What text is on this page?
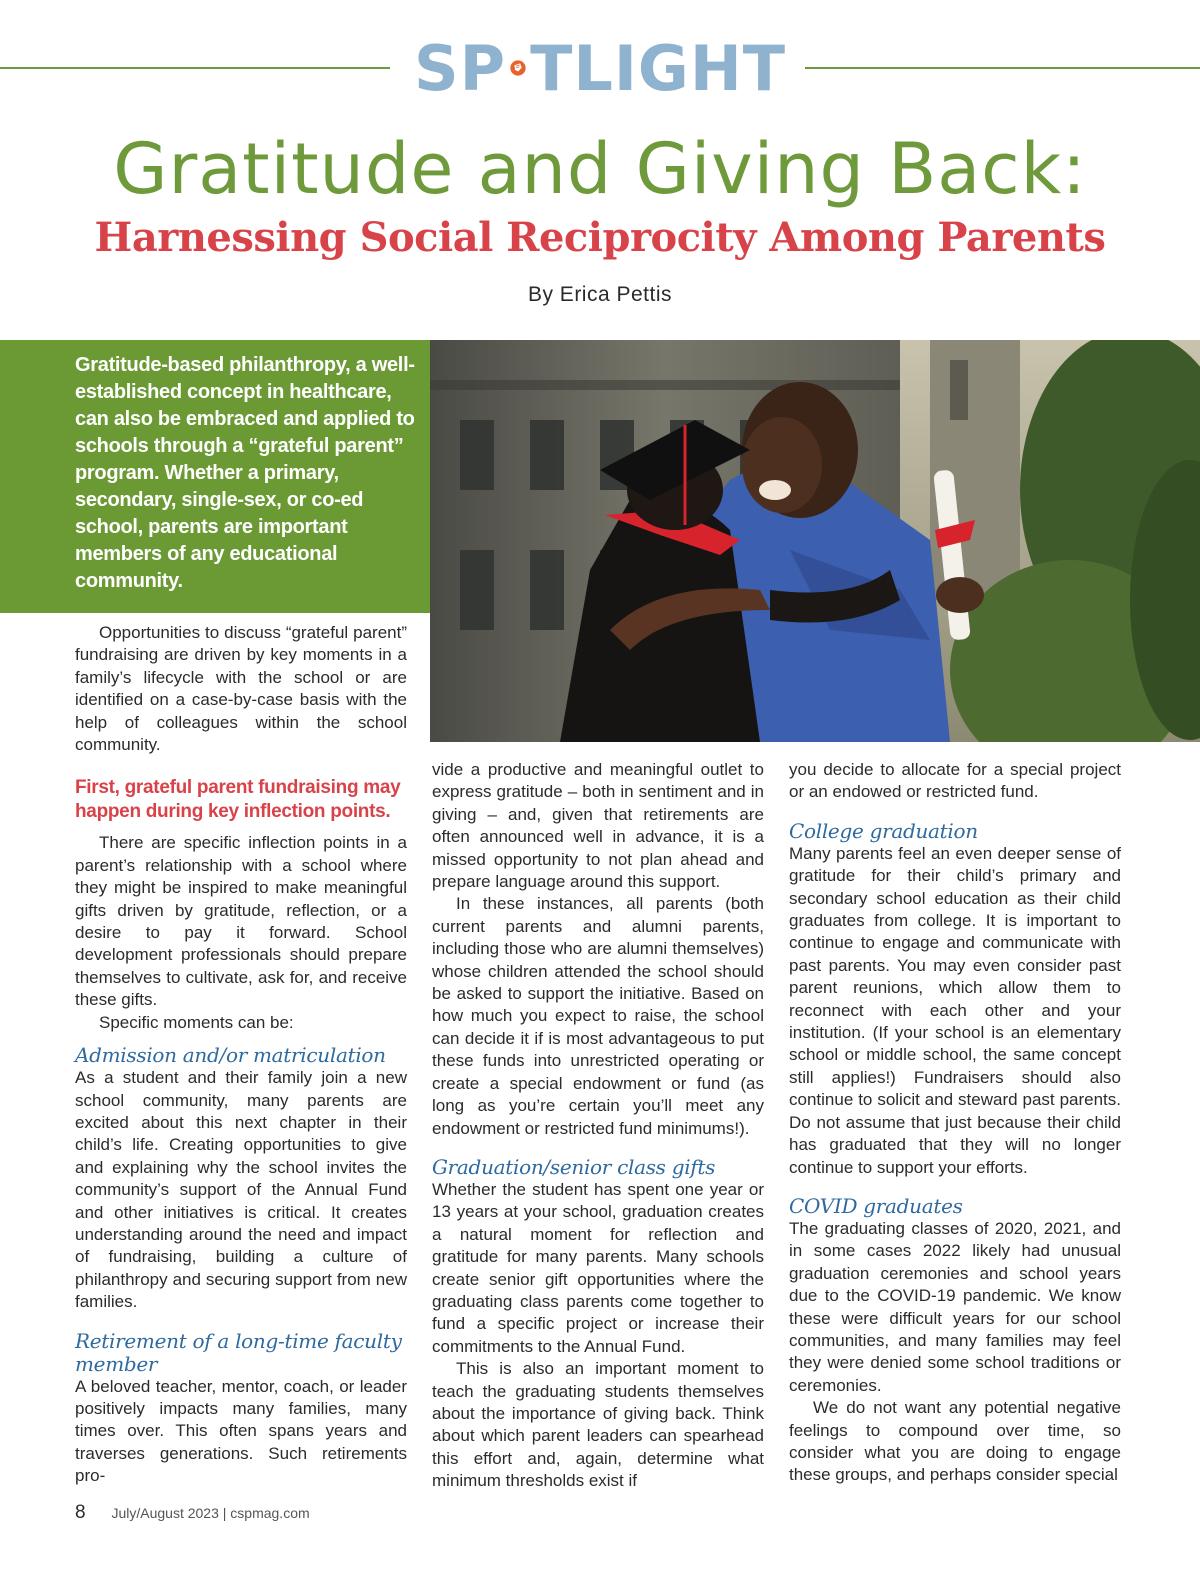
SP TLIGHT
Gratitude and Giving Back:
Harnessing Social Reciprocity Among Parents
By Erica Pettis
Gratitude-based philanthropy, a well-established concept in healthcare, can also be embraced and applied to schools through a “grateful parent” program. Whether a primary, secondary, single-sex, or co-ed school, parents are important members of any educational community.

Opportunities to discuss “grateful parent” fundraising are driven by key moments in a family’s lifecycle with the school or are identified on a case-by-case basis with the help of colleagues within the school community.

First, grateful parent fundraising may happen during key inflection points.

There are specific inflection points in a parent’s relationship with a school where they might be inspired to make meaningful gifts driven by gratitude, reflection, or a desire to pay it forward. School development professionals should prepare themselves to cultivate, ask for, and receive these gifts.

Specific moments can be:

Admission and/or matriculation

As a student and their family join a new school community, many parents are excited about this next chapter in their child’s life. Creating opportunities to give and explaining why the school invites the community’s support of the Annual Fund and other initiatives is critical. It creates understanding around the need and impact of fundraising, building a culture of philanthropy and securing support from new families.

Retirement of a long-time faculty member

A beloved teacher, mentor, coach, or leader positively impacts many families, many times over. This often spans years and traverses generations. Such retirements pro-

vide a productive and meaningful outlet to express gratitude – both in sentiment and in giving – and, given that retirements are often announced well in advance, it is a missed opportunity to not plan ahead and prepare language around this support.

In these instances, all parents (both current parents and alumni parents, including those who are alumni themselves) whose children attended the school should be asked to support the initiative. Based on how much you expect to raise, the school can decide it if is most advantageous to put these funds into unrestricted operating or create a special endowment or fund (as long as you’re certain you’ll meet any endowment or restricted fund minimums!).

Graduation/senior class gifts

Whether the student has spent one year or 13 years at your school, graduation creates a natural moment for reflection and gratitude for many parents. Many schools create senior gift opportunities where the graduating class parents come together to fund a specific project or increase their commitments to the Annual Fund.

This is also an important moment to teach the graduating students themselves about the importance of giving back. Think about which parent leaders can spearhead this effort and, again, determine what minimum thresholds exist if

you decide to allocate for a special project or an endowed or restricted fund.

College graduation

Many parents feel an even deeper sense of gratitude for their child’s primary and secondary school education as their child graduates from college. It is important to continue to engage and communicate with past parents. You may even consider past parent reunions, which allow them to reconnect with each other and your institution. (If your school is an elementary school or middle school, the same concept still applies!) Fundraisers should also continue to solicit and steward past parents. Do not assume that just because their child has graduated that they will no longer continue to support your efforts.

COVID graduates

The graduating classes of 2020, 2021, and in some cases 2022 likely had unusual graduation ceremonies and school years due to the COVID-19 pandemic. We know these were difficult years for our school communities, and many families may feel they were denied some school traditions or ceremonies.

We do not want any potential negative feelings to compound over time, so consider what you are doing to engage these groups, and perhaps consider special

8 July/August 2023 | cspmag.com
